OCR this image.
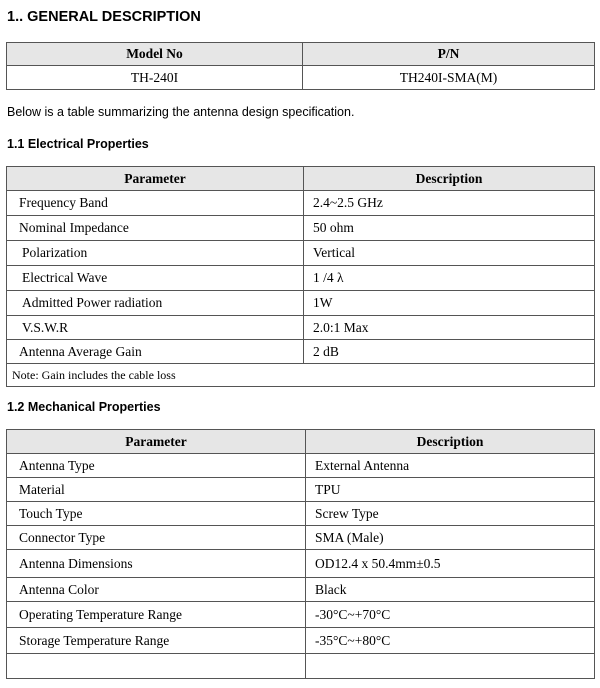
1.. GENERAL DESCRIPTION
Model No	P/N
TH-240I	TH240I-SMA(M)
Below is a table summarizing the antenna design specification.
1.1 Electrical Properties
Parameter	Description
Frequency Band	2.4~2.5 GHz
Nominal Impedance	50 ohm
Polarization	Vertical
Electrical Wave	1 /4 λ
Admitted Power radiation	1W
V.S.W.R	2.0:1 Max
Antenna Average Gain	2 dB
Note: Gain includes the cable loss	
1.2 Mechanical Properties
Parameter	Description
Antenna Type	External Antenna
Material	TPU
Touch Type	Screw Type
Connector Type	SMA (Male)
Antenna Dimensions	OD12.4 x 50.4mm±0.5
Antenna Color	Black
Operating Temperature Range	-30°C~+70°C
Storage Temperature Range	-35°C~+80°C
